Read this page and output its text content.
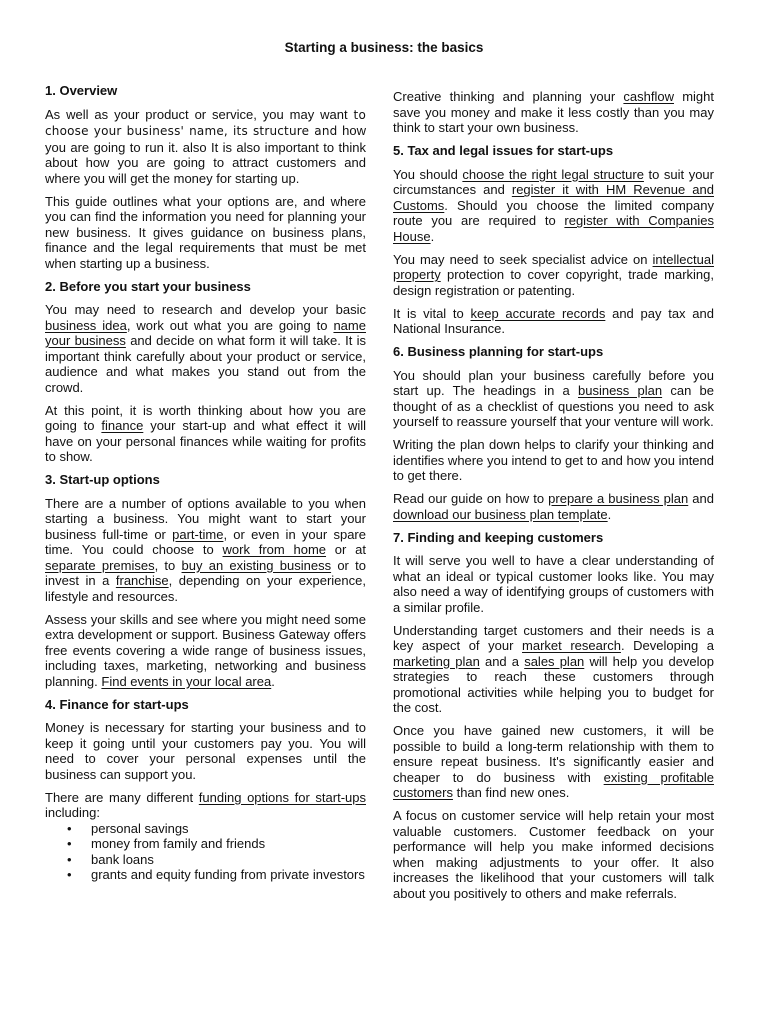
Starting a business: the basics
1. Overview

As well as your product or service, you may want to choose your business' name, its structure and how you are going to run it. also It is also important to think about how you are going to attract customers and where you will get the money for starting up.

This guide outlines what your options are, and where you can find the information you need for planning your new business. It gives guidance on business plans, finance and the legal requirements that must be met when starting up a business.

2. Before you start your business

You may need to research and develop your basic business idea, work out what you are going to name your business and decide on what form it will take. It is important think carefully about your product or service, audience and what makes you stand out from the crowd.

At this point, it is worth thinking about how you are going to finance your start-up and what effect it will have on your personal finances while waiting for profits to show.

3. Start-up options

There are a number of options available to you when starting a business. You might want to start your business full-time or part-time, or even in your spare time. You could choose to work from home or at separate premises, to buy an existing business or to invest in a franchise, depending on your experience, lifestyle and resources.

Assess your skills and see where you might need some extra development or support. Business Gateway offers free events covering a wide range of business issues, including taxes, marketing, networking and business planning. Find events in your local area.

4. Finance for start-ups

Money is necessary for starting your business and to keep it going until your customers pay you. You will need to cover your personal expenses until the business can support you.

There are many different funding options for start-ups including:

• personal savings
• money from family and friends
• bank loans
• grants and equity funding from private investors

Creative thinking and planning your cashflow might save you money and make it less costly than you may think to start your own business.

5. Tax and legal issues for start-ups

You should choose the right legal structure to suit your circumstances and register it with HM Revenue and Customs. Should you choose the limited company route you are required to register with Companies House.

You may need to seek specialist advice on intellectual property protection to cover copyright, trade marking, design registration or patenting.

It is vital to keep accurate records and pay tax and National Insurance.

6. Business planning for start-ups

You should plan your business carefully before you start up. The headings in a business plan can be thought of as a checklist of questions you need to ask yourself to reassure yourself that your venture will work.

Writing the plan down helps to clarify your thinking and identifies where you intend to get to and how you intend to get there.

Read our guide on how to prepare a business plan and download our business plan template.

7. Finding and keeping customers

It will serve you well to have a clear understanding of what an ideal or typical customer looks like. You may also need a way of identifying groups of customers with a similar profile.

Understanding target customers and their needs is a key aspect of your market research. Developing a marketing plan and a sales plan will help you develop strategies to reach these customers through promotional activities while helping you to budget for the cost.

Once you have gained new customers, it will be possible to build a long-term relationship with them to ensure repeat business. It's significantly easier and cheaper to do business with existing profitable customers than find new ones.

A focus on customer service will help retain your most valuable customers. Customer feedback on your performance will help you make informed decisions when making adjustments to your offer. It also increases the likelihood that your customers will talk about you positively to others and make referrals.
